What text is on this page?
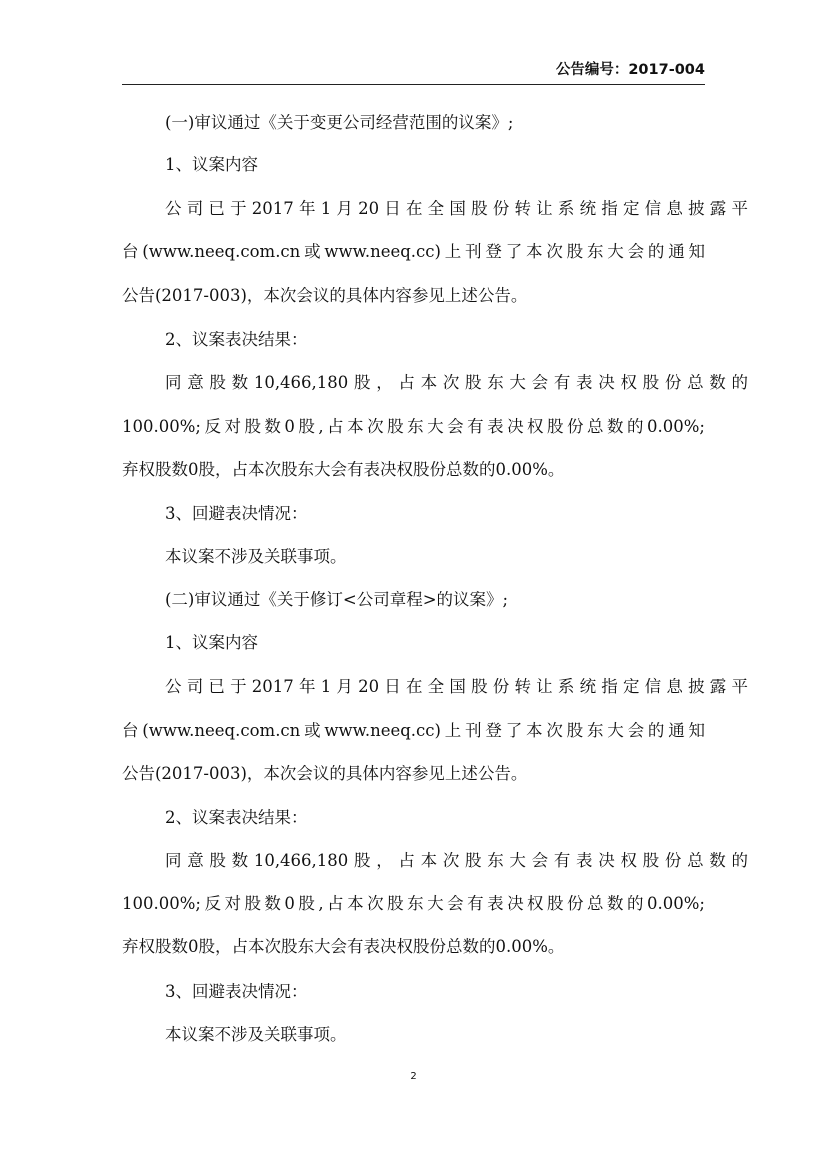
公告编号：2017-004
(一)审议通过《关于变更公司经营范围的议案》;
1、议案内容
公司已于2017年1月20日在全国股份转让系统指定信息披露平
台(www.neeq.com.cn或www.neeq.cc)上刊登了本次股东大会的通知
公告(2017-003)，本次会议的具体内容参见上述公告。
2、议案表决结果：
同意股数10,466,180股，占本次股东大会有表决权股份总数的
100.00%;反对股数0股,占本次股东大会有表决权股份总数的0.00%;
弃权股数0股，占本次股东大会有表决权股份总数的0.00%。
3、回避表决情况：
本议案不涉及关联事项。
(二)审议通过《关于修订<公司章程>的议案》;
1、议案内容
公司已于2017年1月20日在全国股份转让系统指定信息披露平
台(www.neeq.com.cn或www.neeq.cc)上刊登了本次股东大会的通知
公告(2017-003)，本次会议的具体内容参见上述公告。
2、议案表决结果：
同意股数10,466,180股，占本次股东大会有表决权股份总数的
100.00%;反对股数0股,占本次股东大会有表决权股份总数的0.00%;
弃权股数0股，占本次股东大会有表决权股份总数的0.00%。
3、回避表决情况：
本议案不涉及关联事项。
2
